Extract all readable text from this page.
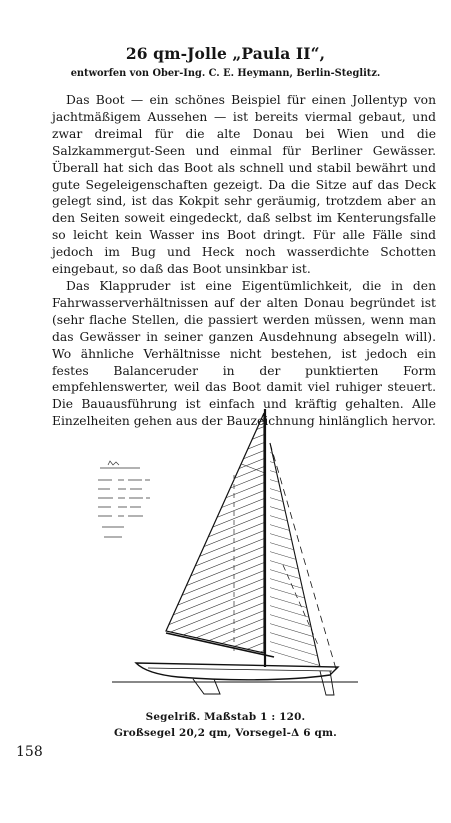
26 qm-Jolle „Paula II“,
entworfen von Ober-Ing. C. E. Heymann, Berlin-Steglitz.

Das Boot — ein schönes Beispiel für einen Jollentyp von jachtmäßigem Aussehen — ist bereits viermal gebaut, und zwar dreimal für die alte Donau bei Wien und die Salzkammergut-Seen und einmal für Berliner Gewässer. Überall hat sich das Boot als schnell und stabil bewährt und gute Segeleigenschaften gezeigt. Da die Sitze auf das Deck gelegt sind, ist das Kokpit sehr geräumig, trotzdem aber an den Seiten soweit eingedeckt, daß selbst im Kenterungsfalle so leicht kein Wasser ins Boot dringt. Für alle Fälle sind jedoch im Bug und Heck noch wasserdichte Schotten eingebaut, so daß das Boot unsinkbar ist.

Das Klappruder ist eine Eigentümlichkeit, die in den Fahrwasserverhältnissen auf der alten Donau begründet ist (sehr flache Stellen, die passiert werden müssen, wenn man das Gewässer in seiner ganzen Ausdehnung absegeln will). Wo ähnliche Verhältnisse nicht bestehen, ist jedoch ein festes Balanceruder in der punktierten Form empfehlenswerter, weil das Boot damit viel ruhiger steuert. Die Bauausführung ist einfach und kräftig gehalten. Alle Einzelheiten gehen aus der Bauzeichnung hinlänglich hervor.

Segelriß. Maßstab 1 : 120.
Großsegel 20,2 qm, Vorsegel-Δ 6 qm.
158
